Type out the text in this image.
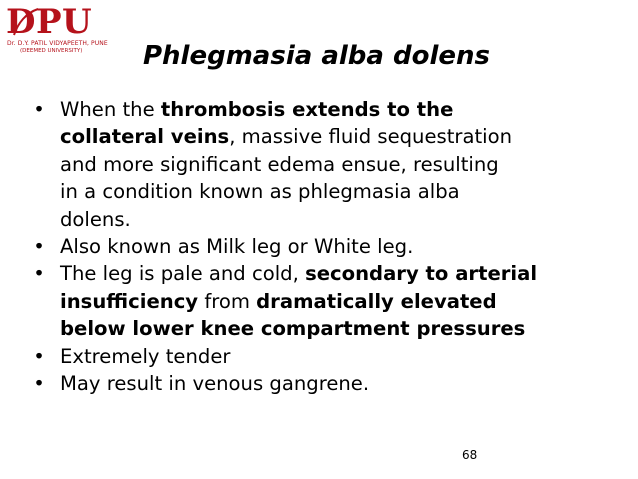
DPU
Dr. D.Y. PATIL VIDYAPEETH, PUNE
(DEEMED UNIVERSITY)	Phlegmasia alba dolens
• When the thrombosis extends to the
collateral veins, massive fluid sequestration
and more significant edema ensue, resulting
in a condition known as phlegmasia alba
dolens.
• Also known as Milk leg or White leg.
• The leg is pale and cold, secondary to arterial
insufficiency from dramatically elevated
below lower knee compartment pressures
• Extremely tender
• May result in venous gangrene.
68
